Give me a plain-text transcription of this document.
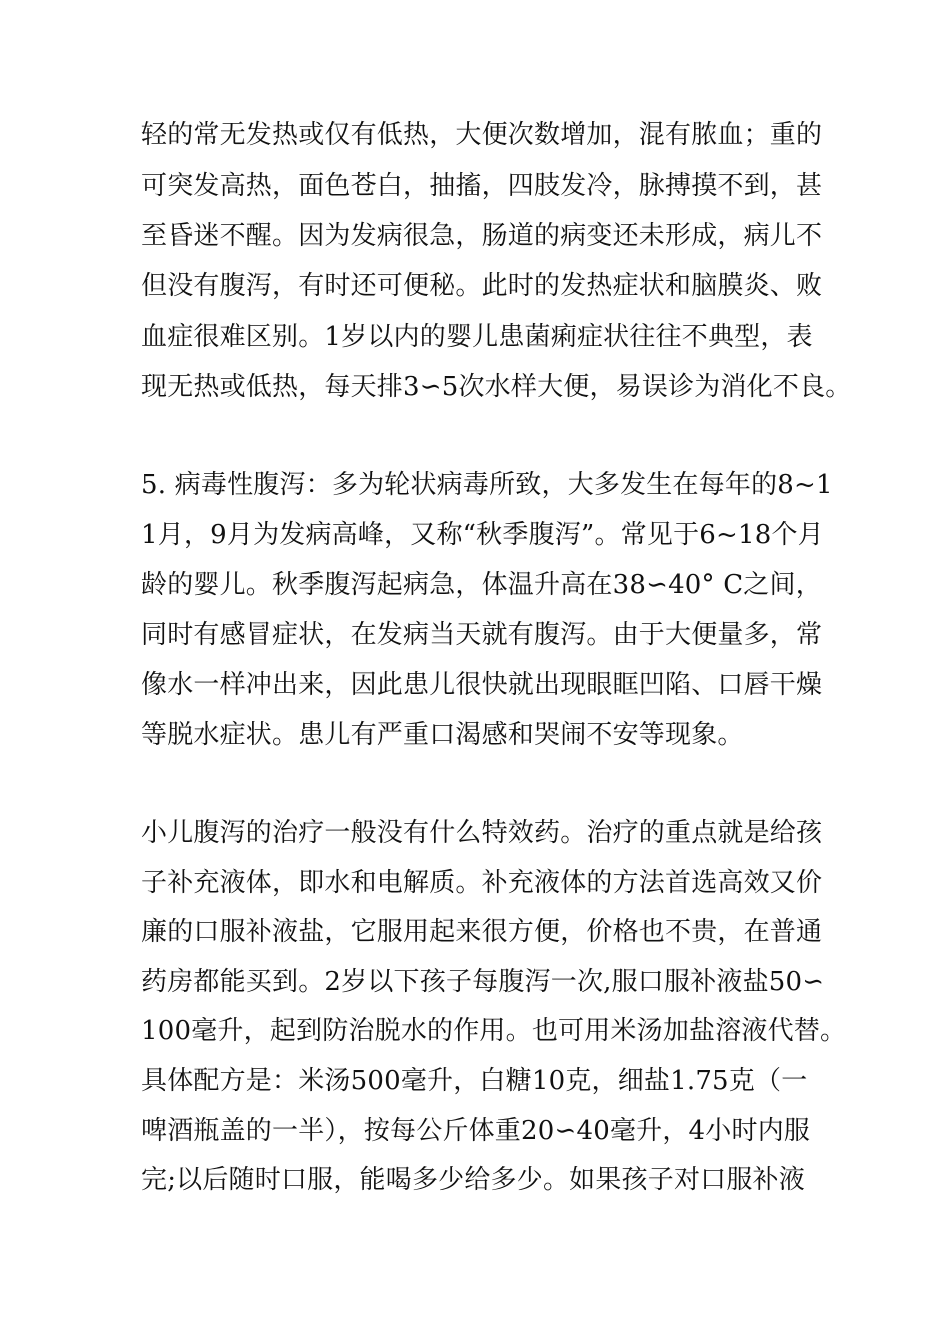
轻的常无发热或仅有低热，大便次数增加，混有脓血；重的
可突发高热，面色苍白，抽搐，四肢发冷，脉搏摸不到，甚
至昏迷不醒。因为发病很急，肠道的病变还未形成，病儿不
但没有腹泻，有时还可便秘。此时的发热症状和脑膜炎、败
血症很难区别。1岁以内的婴儿患菌痢症状往往不典型，表
现无热或低热，每天排3∽5次水样大便，易误诊为消化不良。
5. 病毒性腹泻：多为轮状病毒所致，大多发生在每年的8~1
1月，9月为发病高峰，又称“秋季腹泻”。常见于6~18个月
龄的婴儿。秋季腹泻起病急，体温升高在38∽40° C之间，
同时有感冒症状，在发病当天就有腹泻。由于大便量多，常
像水一样冲出来，因此患儿很快就出现眼眶凹陷、口唇干燥
等脱水症状。患儿有严重口渴感和哭闹不安等现象。
小儿腹泻的治疗一般没有什么特效药。治疗的重点就是给孩
子补充液体，即水和电解质。补充液体的方法首选高效又价
廉的口服补液盐，它服用起来很方便，价格也不贵，在普通
药房都能买到。2岁以下孩子每腹泻一次,服口服补液盐50∽
100毫升，起到防治脱水的作用。也可用米汤加盐溶液代替。
具体配方是：米汤500毫升，白糖10克，细盐1.75克（一
啤酒瓶盖的一半），按每公斤体重20∽40毫升，4小时内服
完;以后随时口服，能喝多少给多少。如果孩子对口服补液
